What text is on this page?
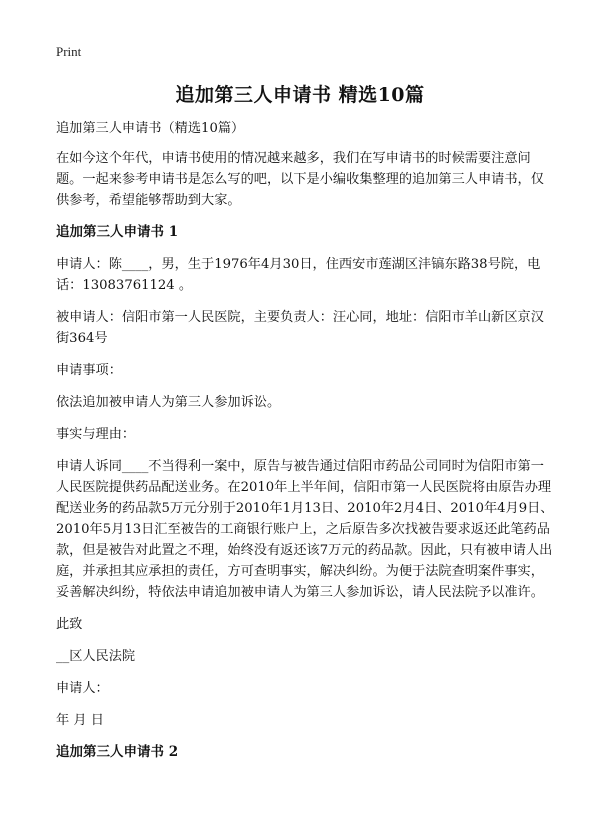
Print
追加第三人申请书 精选10篇

追加第三人申请书（精选10篇）

在如今这个年代，申请书使用的情况越来越多，我们在写申请书的时候需要注意问题。一起来参考申请书是怎么写的吧，以下是小编收集整理的追加第三人申请书，仅供参考，希望能够帮助到大家。

追加第三人申请书 1

申请人：陈____，男，生于1976年4月30日，住西安市莲湖区沣镐东路38号院，电话：13083761124 。

被申请人：信阳市第一人民医院，主要负责人：汪心同，地址：信阳市羊山新区京汉街364号

申请事项：

依法追加被申请人为第三人参加诉讼。

事实与理由：

申请人诉同____不当得利一案中，原告与被告通过信阳市药品公司同时为信阳市第一人民医院提供药品配送业务。在2010年上半年间，信阳市第一人民医院将由原告办理配送业务的药品款5万元分别于2010年1月13日、2010年2月4日、2010年4月9日、2010年5月13日汇至被告的工商银行账户上，之后原告多次找被告要求返还此笔药品款，但是被告对此置之不理，始终没有返还该7万元的药品款。因此，只有被申请人出庭，并承担其应承担的责任，方可查明事实，解决纠纷。为便于法院查明案件事实，妥善解决纠纷，特依法申请追加被申请人为第三人参加诉讼，请人民法院予以准许。

此致

__区人民法院

申请人：

年 月 日

追加第三人申请书 2
